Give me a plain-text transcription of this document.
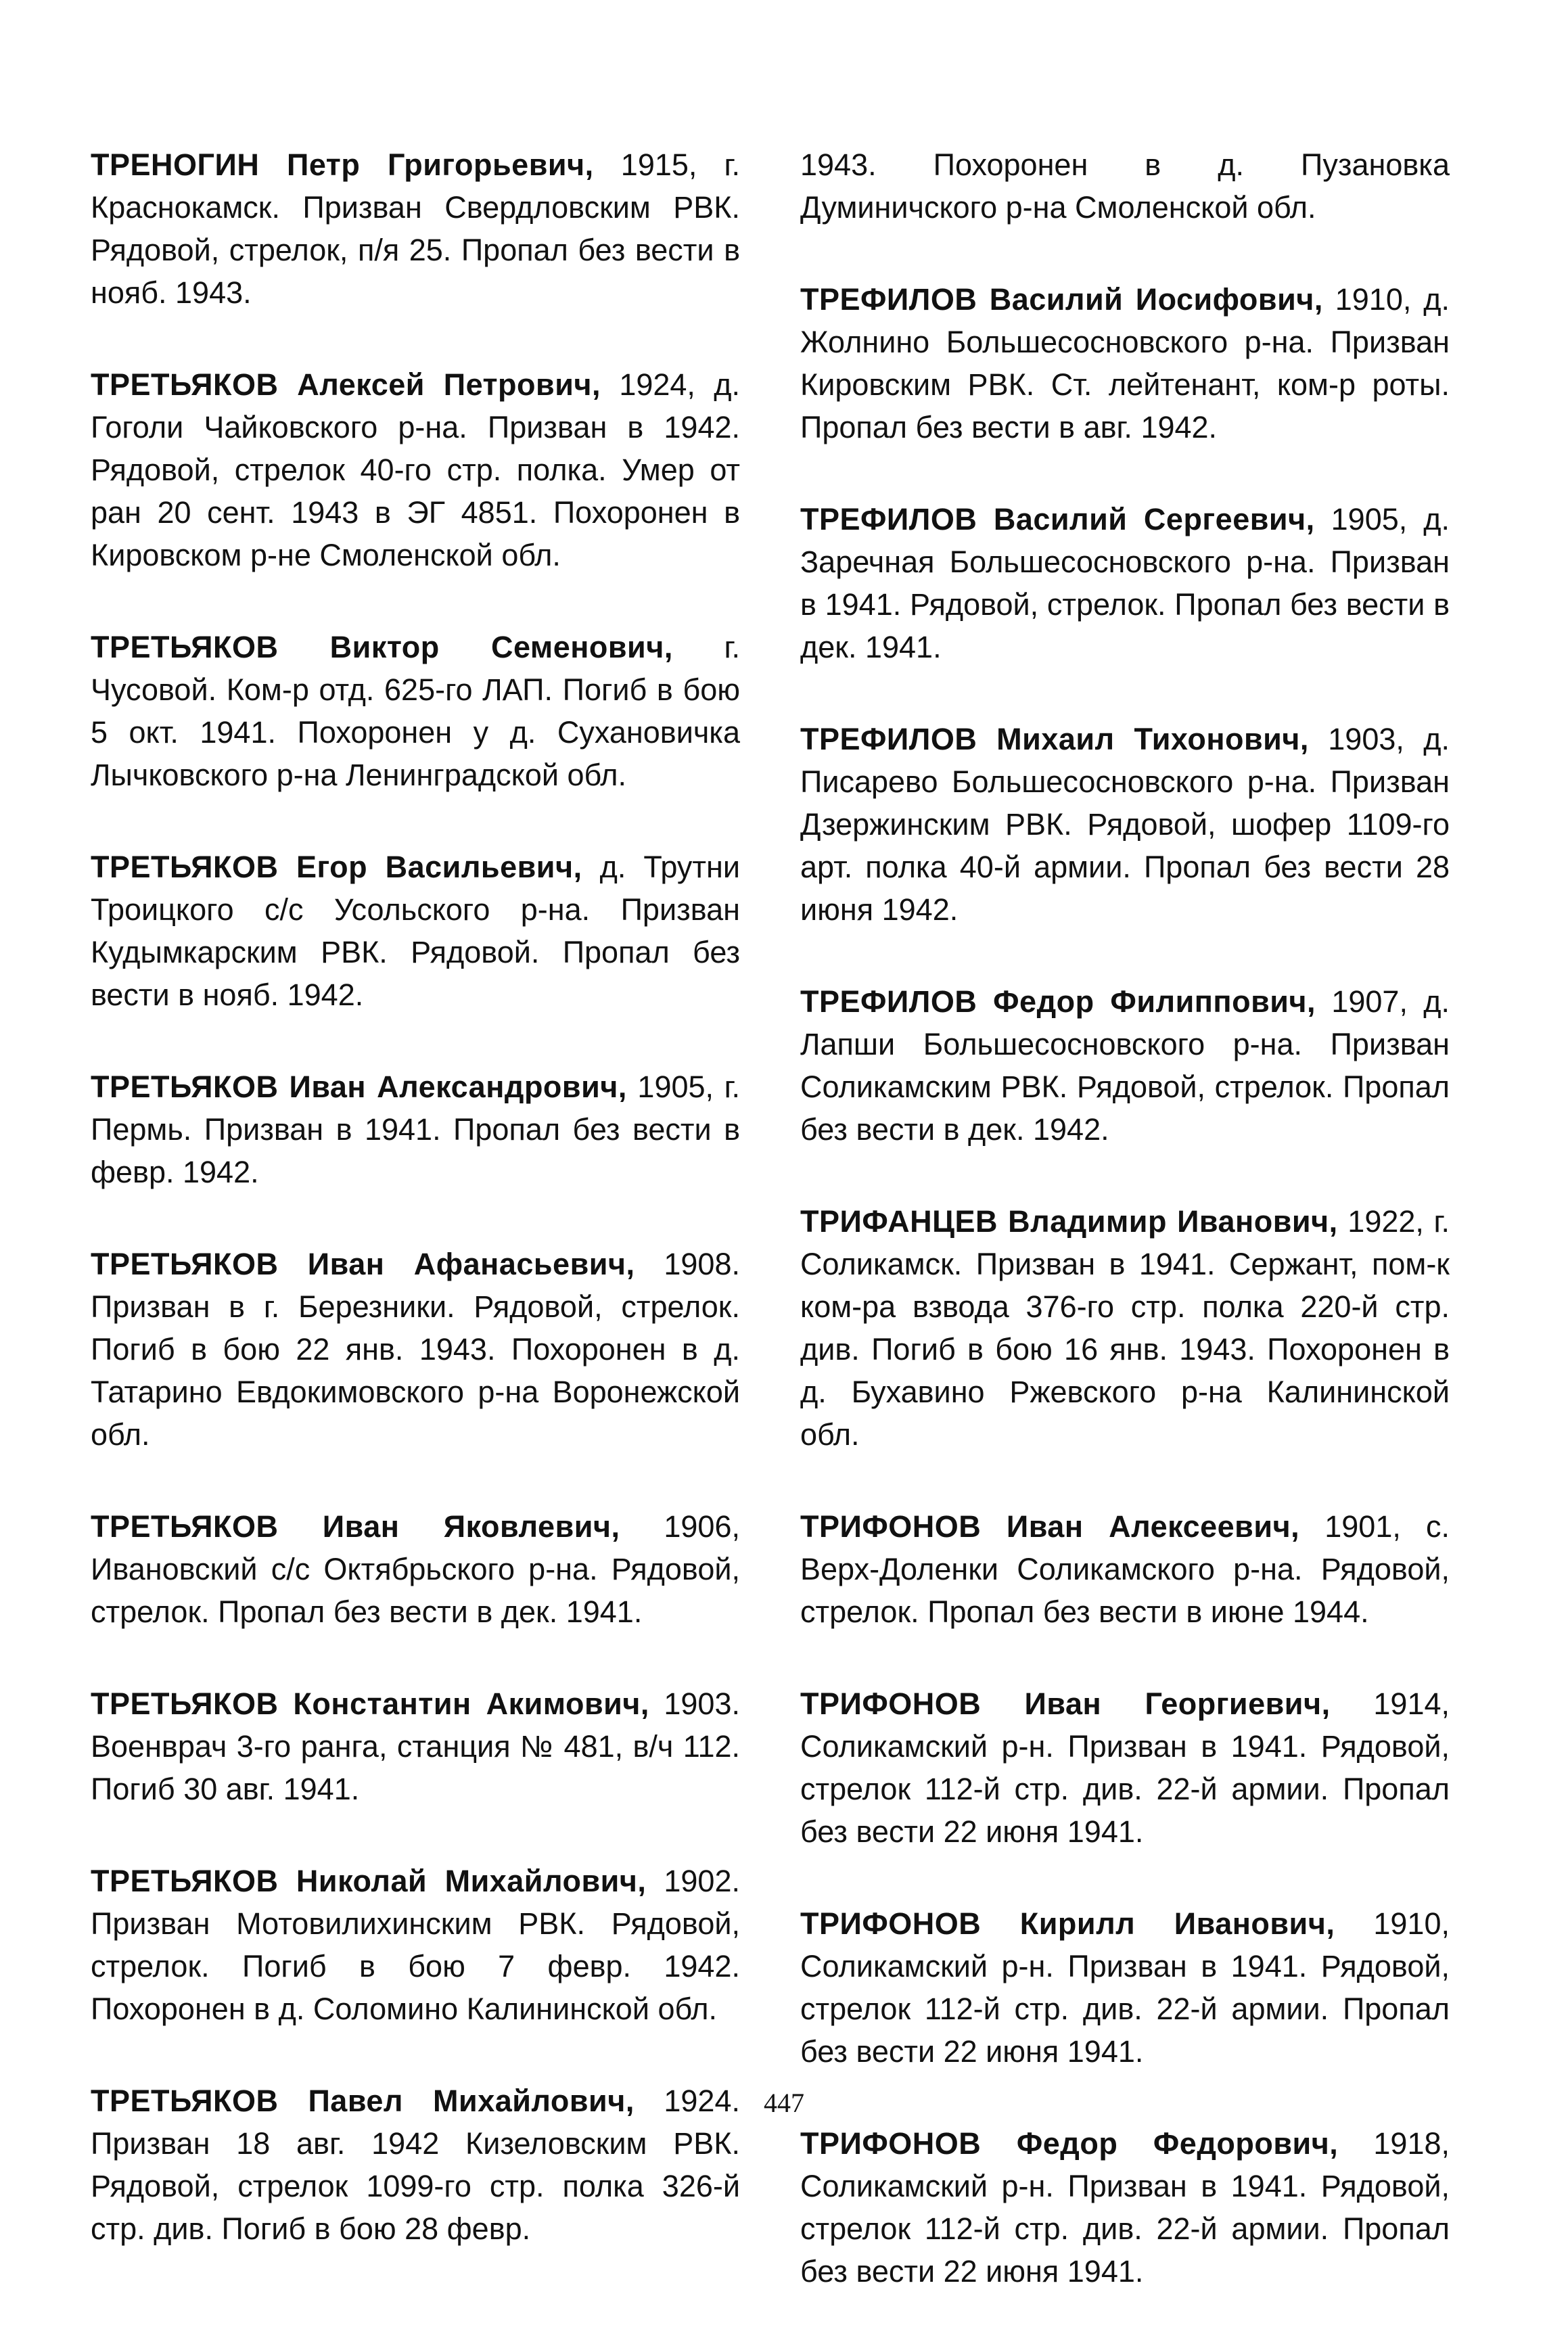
ТРЕНОГИН Петр Григорьевич, 1915, г. Краснокамск. Призван Свердловским РВК. Рядовой, стрелок, п/я 25. Пропал без вести в нояб. 1943.

ТРЕТЬЯКОВ Алексей Петрович, 1924, д. Гоголи Чайковского р-на. Призван в 1942. Рядовой, стрелок 40-го стр. полка. Умер от ран 20 сент. 1943 в ЭГ 4851. Похоронен в Кировском р-не Смоленской обл.

ТРЕТЬЯКОВ Виктор Семенович, г. Чусовой. Ком-р отд. 625-го ЛАП. Погиб в бою 5 окт. 1941. Похоронен у д. Сухановичка Лычковского р-на Ленинградской обл.

ТРЕТЬЯКОВ Егор Васильевич, д. Трутни Троицкого с/с Усольского р-на. Призван Кудымкарским РВК. Рядовой. Пропал без вести в нояб. 1942.

ТРЕТЬЯКОВ Иван Александрович, 1905, г. Пермь. Призван в 1941. Пропал без вести в февр. 1942.

ТРЕТЬЯКОВ Иван Афанасьевич, 1908. Призван в г. Березники. Рядовой, стрелок. Погиб в бою 22 янв. 1943. Похоронен в д. Татарино Евдокимовского р-на Воронежской обл.

ТРЕТЬЯКОВ Иван Яковлевич, 1906, Ивановский с/с Октябрьского р-на. Рядовой, стрелок. Пропал без вести в дек. 1941.

ТРЕТЬЯКОВ Константин Акимович, 1903. Военврач 3-го ранга, станция № 481, в/ч 112. Погиб 30 авг. 1941.

ТРЕТЬЯКОВ Николай Михайлович, 1902. Призван Мотовилихинским РВК. Рядовой, стрелок. Погиб в бою 7 февр. 1942. Похоронен в д. Соломино Калининской обл.

ТРЕТЬЯКОВ Павел Михайлович, 1924. Призван 18 авг. 1942 Кизеловским РВК. Рядовой, стрелок 1099-го стр. полка 326-й стр. див. Погиб в бою 28 февр.

1943. Похоронен в д. Пузановка Думиничского р-на Смоленской обл.

ТРЕФИЛОВ Василий Иосифович, 1910, д. Жолнино Большесосновского р-на. Призван Кировским РВК. Ст. лейтенант, ком-р роты. Пропал без вести в авг. 1942.

ТРЕФИЛОВ Василий Сергеевич, 1905, д. Заречная Большесосновского р-на. Призван в 1941. Рядовой, стрелок. Пропал без вести в дек. 1941.

ТРЕФИЛОВ Михаил Тихонович, 1903, д. Писарево Большесосновского р-на. Призван Дзержинским РВК. Рядовой, шофер 1109-го арт. полка 40-й армии. Пропал без вести 28 июня 1942.

ТРЕФИЛОВ Федор Филиппович, 1907, д. Лапши Большесосновского р-на. Призван Соликамским РВК. Рядовой, стрелок. Пропал без вести в дек. 1942.

ТРИФАНЦЕВ Владимир Иванович, 1922, г. Соликамск. Призван в 1941. Сержант, пом-к ком-ра взвода 376-го стр. полка 220-й стр. див. Погиб в бою 16 янв. 1943. Похоронен в д. Бухавино Ржевского р-на Калининской обл.

ТРИФОНОВ Иван Алексеевич, 1901, с. Верх-Доленки Соликамского р-на. Рядовой, стрелок. Пропал без вести в июне 1944.

ТРИФОНОВ Иван Георгиевич, 1914, Соликамский р-н. Призван в 1941. Рядовой, стрелок 112-й стр. див. 22-й армии. Пропал без вести 22 июня 1941.

ТРИФОНОВ Кирилл Иванович, 1910, Соликамский р-н. Призван в 1941. Рядовой, стрелок 112-й стр. див. 22-й армии. Пропал без вести 22 июня 1941.

ТРИФОНОВ Федор Федорович, 1918, Соликамский р-н. Призван в 1941. Рядовой, стрелок 112-й стр. див. 22-й армии. Пропал без вести 22 июня 1941.

447
